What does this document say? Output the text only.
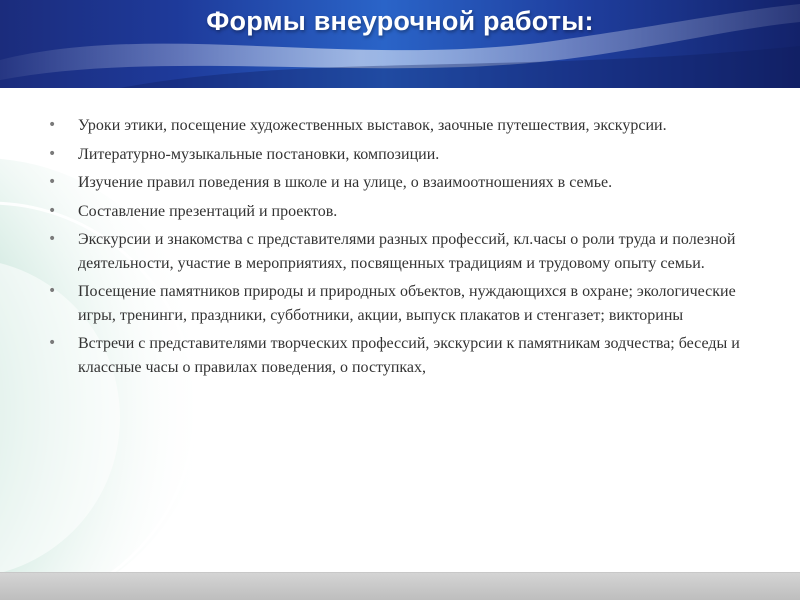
Формы внеурочной работы:
•	Уроки этики, посещение художественных выставок, заочные путешествия, экскурсии.
•	Литературно-музыкальные постановки, композиции.
•	Изучение правил поведения в школе и на улице, о взаимоотношениях в семье.
•	Составление презентаций и проектов.
•	Экскурсии и знакомства с представителями разных профессий, кл.часы о роли труда и полезной деятельности, участие в мероприятиях, посвященных традициям и трудовому опыту семьи.
•	Посещение памятников природы и природных объектов, нуждающихся в охране; экологические игры, тренинги, праздники, субботники, акции, выпуск плакатов и стенгазет; викторины
•	Встречи с представителями творческих профессий, экскурсии к памятникам зодчества; беседы и классные часы о правилах поведения, о поступках,
